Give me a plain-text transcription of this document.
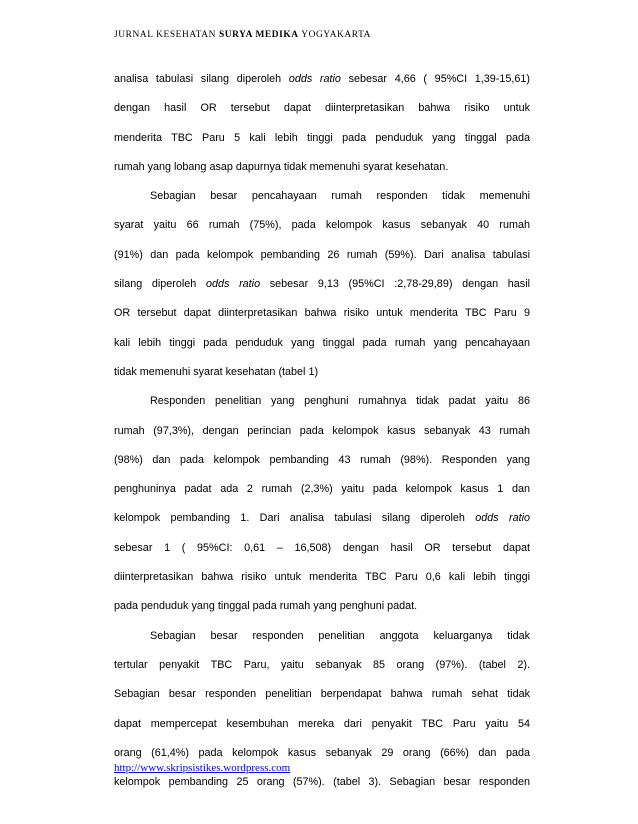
JURNAL KESEHATAN SURYA MEDIKA YOGYAKARTA
analisa tabulasi silang diperoleh odds ratio sebesar 4,66 ( 95%CI 1,39-15,61)
dengan hasil OR tersebut dapat diinterpretasikan bahwa risiko untuk
menderita TBC Paru 5 kali lebih tinggi pada penduduk yang tinggal pada
rumah yang lobang asap dapurnya tidak memenuhi syarat kesehatan.
Sebagian besar pencahayaan rumah responden tidak memenuhi
syarat yaitu 66 rumah (75%), pada kelompok kasus sebanyak 40 rumah
(91%) dan pada kelompok pembanding 26 rumah (59%). Dari analisa tabulasi
silang diperoleh odds ratio sebesar 9,13 (95%CI :2,78-29,89) dengan hasil
OR tersebut dapat diinterpretasikan bahwa risiko untuk menderita TBC Paru 9
kali lebih tinggi pada penduduk yang tinggal pada rumah yang pencahayaan
tidak memenuhi syarat kesehatan (tabel 1)
Responden penelitian yang penghuni rumahnya tidak padat yaitu 86
rumah (97,3%), dengan perincian pada kelompok kasus sebanyak 43 rumah
(98%) dan pada kelompok pembanding 43 rumah (98%). Responden yang
penghuninya padat ada 2 rumah (2,3%) yaitu pada kelompok kasus 1 dan
kelompok pembanding 1. Dari analisa tabulasi silang diperoleh odds ratio
sebesar 1 ( 95%CI: 0,61 – 16,508) dengan hasil OR tersebut dapat
diinterpretasikan bahwa risiko untuk menderita TBC Paru 0,6 kali lebih tinggi
pada penduduk yang tinggal pada rumah yang penghuni padat.
Sebagian besar responden penelitian anggota keluarganya tidak
tertular penyakit TBC Paru, yaitu sebanyak 85 orang (97%). (tabel 2).
Sebagian besar responden penelitian berpendapat bahwa rumah sehat tidak
dapat mempercepat kesembuhan mereka dari penyakit TBC Paru yaitu 54
orang (61,4%) pada kelompok kasus sebanyak 29 orang (66%) dan pada
kelompok pembanding 25 orang (57%). (tabel 3). Sebagian besar responden
http://www.skripsistikes.wordpress.com
